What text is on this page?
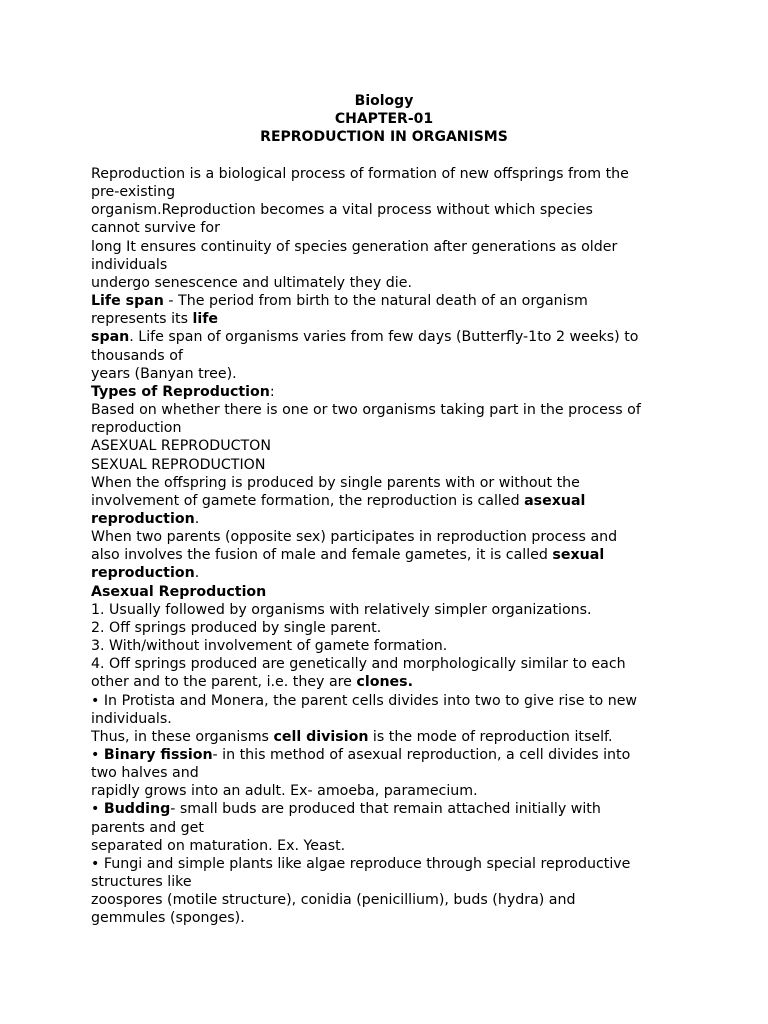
Biology
CHAPTER-01
REPRODUCTION IN ORGANISMS
Reproduction is a biological process of formation of new offsprings from the
pre-existing
organism.Reproduction becomes a vital process without which species
cannot survive for
long It ensures continuity of species generation after generations as older
individuals
undergo senescence and ultimately they die.
Life span - The period from birth to the natural death of an organism
represents its life
span. Life span of organisms varies from few days (Butterfly-1to 2 weeks) to
thousands of
years (Banyan tree).
Types of Reproduction:
Based on whether there is one or two organisms taking part in the process of
reproduction
ASEXUAL REPRODUCTON
SEXUAL REPRODUCTION
When the offspring is produced by single parents with or without the
involvement of gamete formation, the reproduction is called asexual
reproduction.
When two parents (opposite sex) participates in reproduction process and
also involves the fusion of male and female gametes, it is called sexual
reproduction.
Asexual Reproduction
1. Usually followed by organisms with relatively simpler organizations.
2. Off springs produced by single parent.
3. With/without involvement of gamete formation.
4. Off springs produced are genetically and morphologically similar to each
other and to the parent, i.e. they are clones.
• In Protista and Monera, the parent cells divides into two to give rise to new
individuals.
Thus, in these organisms cell division is the mode of reproduction itself.
• Binary fission- in this method of asexual reproduction, a cell divides into
two halves and
rapidly grows into an adult. Ex- amoeba, paramecium.
• Budding- small buds are produced that remain attached initially with
parents and get
separated on maturation. Ex. Yeast.
• Fungi and simple plants like algae reproduce through special reproductive
structures like
zoospores (motile structure), conidia (penicillium), buds (hydra) and
gemmules (sponges).
